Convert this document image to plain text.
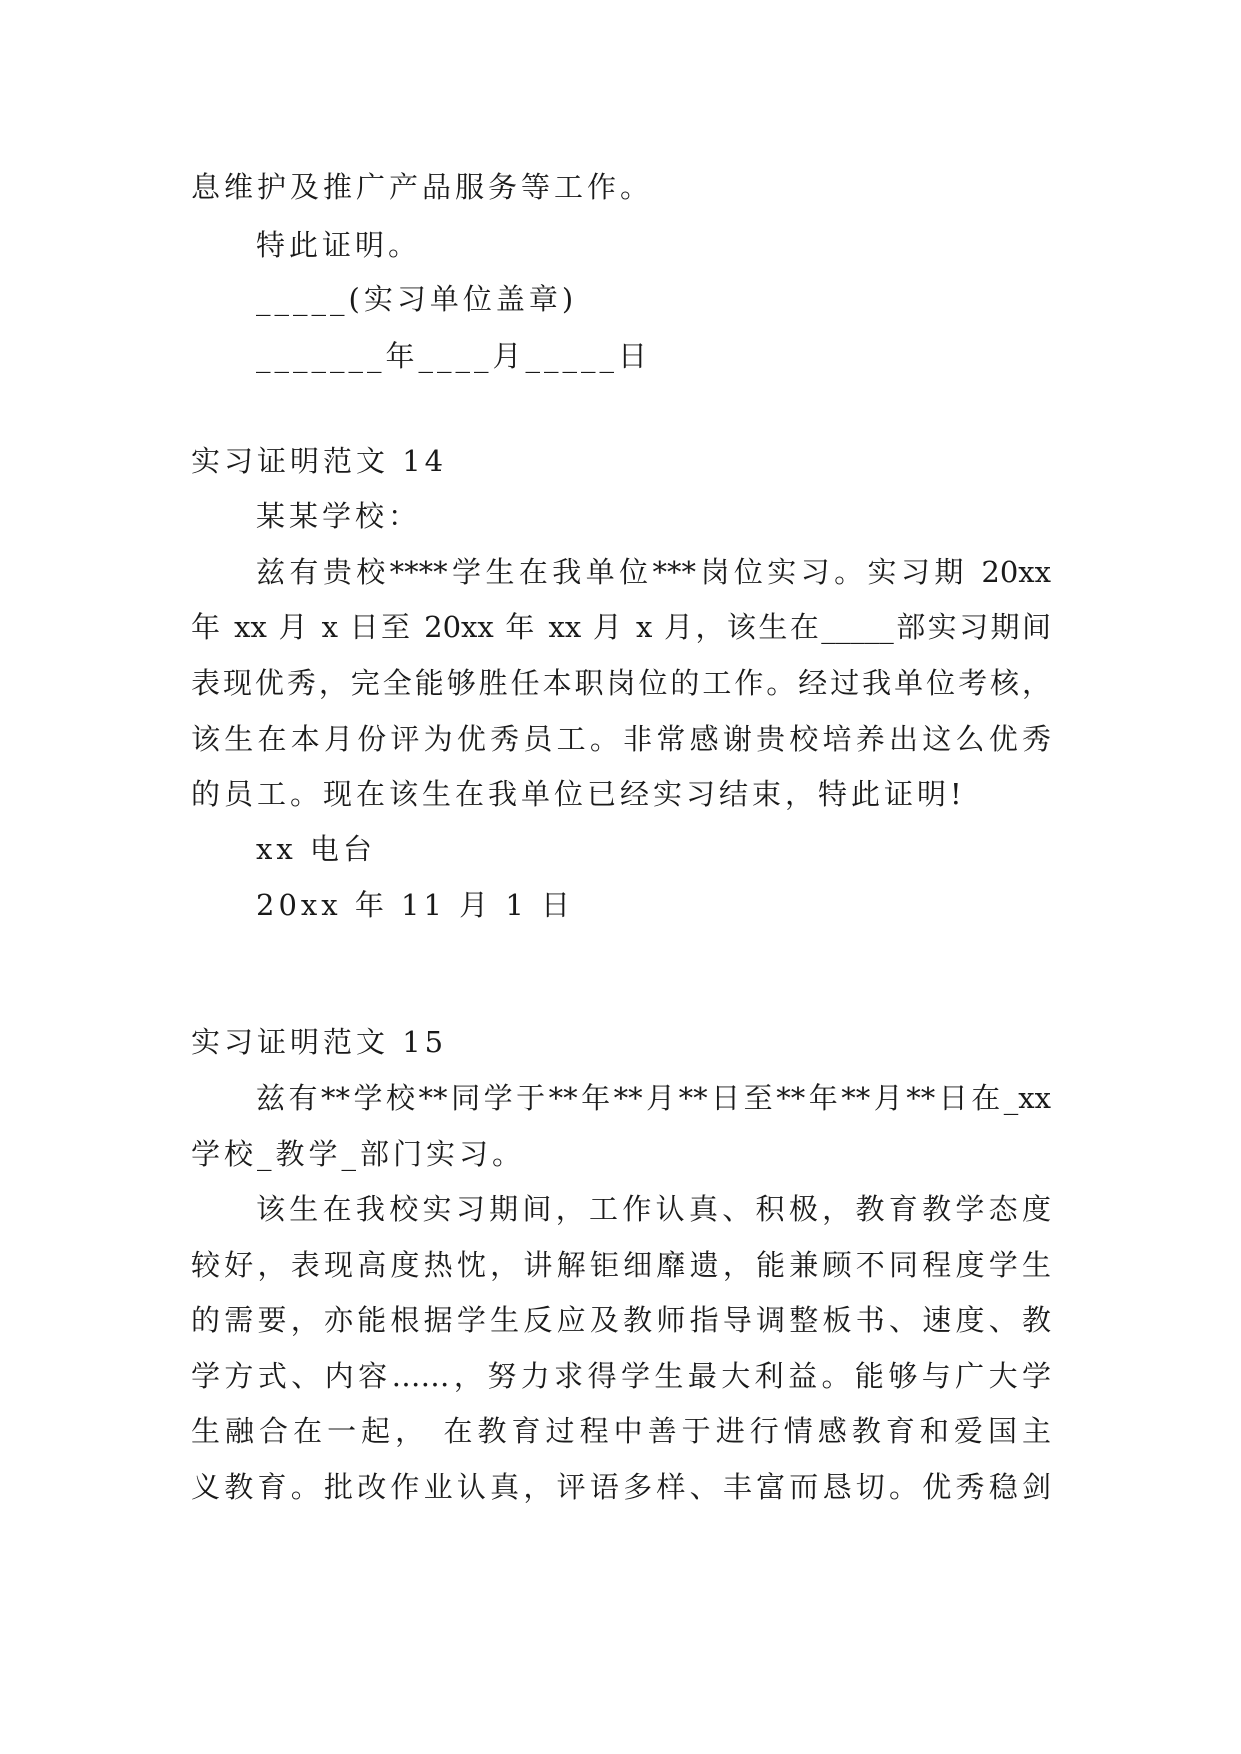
息维护及推广产品服务等工作。
特此证明。
_____(实习单位盖章)
_______年____月_____日
实习证明范文 14
某某学校：
兹有贵校****学生在我单位***岗位实习。实习期 20xx
年 xx 月 x 日至 20xx 年 xx 月 x 月，该生在_____部实习期间
表现优秀，完全能够胜任本职岗位的工作。经过我单位考核，
该生在本月份评为优秀员工。非常感谢贵校培养出这么优秀
的员工。现在该生在我单位已经实习结束，特此证明!
xx 电台
20xx 年 11 月 1 日
实习证明范文 15
兹有**学校**同学于**年**月**日至**年**月**日在_xx
学校_教学_部门实习。
该生在我校实习期间，工作认真、积极，教育教学态度
较好，表现高度热忱，讲解钜细靡遗，能兼顾不同程度学生
的需要，亦能根据学生反应及教师指导调整板书、速度、教
学方式、内容……，努力求得学生最大利益。能够与广大学
生融合在一起， 在教育过程中善于进行情感教育和爱国主
义教育。批改作业认真，评语多样、丰富而恳切。优秀稳剑
